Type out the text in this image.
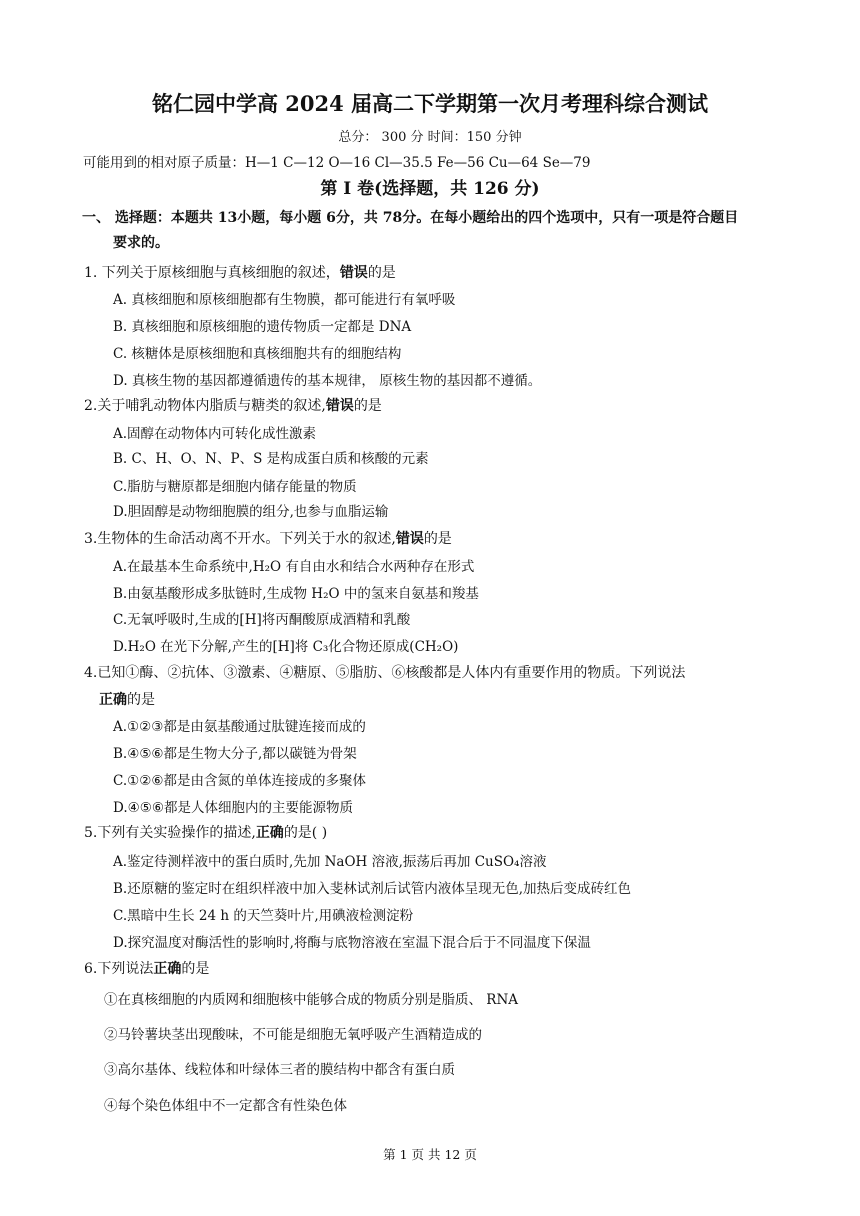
铭仁园中学高 2024 届高二下学期第一次月考理科综合测试
总分： 300 分 时间：150 分钟
可能用到的相对原子质量：H—1 C—12 O—16 Cl—35.5 Fe—56 Cu—64 Se—79
第 I 卷(选择题，共 126 分)
一、 选择题：本题共 13小题，每小题 6分，共 78分。在每小题给出的四个选项中，只有一项是符合题目
要求的。
1. 下列关于原核细胞与真核细胞的叙述，错误的是
A. 真核细胞和原核细胞都有生物膜，都可能进行有氧呼吸
B. 真核细胞和原核细胞的遗传物质一定都是 DNA
C. 核糖体是原核细胞和真核细胞共有的细胞结构
D. 真核生物的基因都遵循遗传的基本规律， 原核生物的基因都不遵循。
2.关于哺乳动物体内脂质与糖类的叙述,错误的是
A.固醇在动物体内可转化成性激素
B. C、H、O、N、P、S 是构成蛋白质和核酸的元素
C.脂肪与糖原都是细胞内储存能量的物质
D.胆固醇是动物细胞膜的组分,也参与血脂运输
3.生物体的生命活动离不开水。下列关于水的叙述,错误的是
A.在最基本生命系统中,H₂O 有自由水和结合水两种存在形式
B.由氨基酸形成多肽链时,生成物 H₂O 中的氢来自氨基和羧基
C.无氧呼吸时,生成的[H]将丙酮酸原成酒精和乳酸
D.H₂O 在光下分解,产生的[H]将 C₃化合物还原成(CH₂O)
4.已知①酶、②抗体、③激素、④糖原、⑤脂肪、⑥核酸都是人体内有重要作用的物质。下列说法
正确的是
A.①②③都是由氨基酸通过肽键连接而成的
B.④⑤⑥都是生物大分子,都以碳链为骨架
C.①②⑥都是由含氮的单体连接成的多聚体
D.④⑤⑥都是人体细胞内的主要能源物质
5.下列有关实验操作的描述,正确的是( )
A.鉴定待测样液中的蛋白质时,先加 NaOH 溶液,振荡后再加 CuSO₄溶液
B.还原糖的鉴定时在组织样液中加入斐林试剂后试管内液体呈现无色,加热后变成砖红色
C.黑暗中生长 24 h 的天竺葵叶片,用碘液检测淀粉
D.探究温度对酶活性的影响时,将酶与底物溶液在室温下混合后于不同温度下保温
6.下列说法正确的是
①在真核细胞的内质网和细胞核中能够合成的物质分别是脂质、 RNA
②马铃薯块茎出现酸味，不可能是细胞无氧呼吸产生酒精造成的
③高尔基体、线粒体和叶绿体三者的膜结构中都含有蛋白质
④每个染色体组中不一定都含有性染色体
第 1 页 共 12 页
